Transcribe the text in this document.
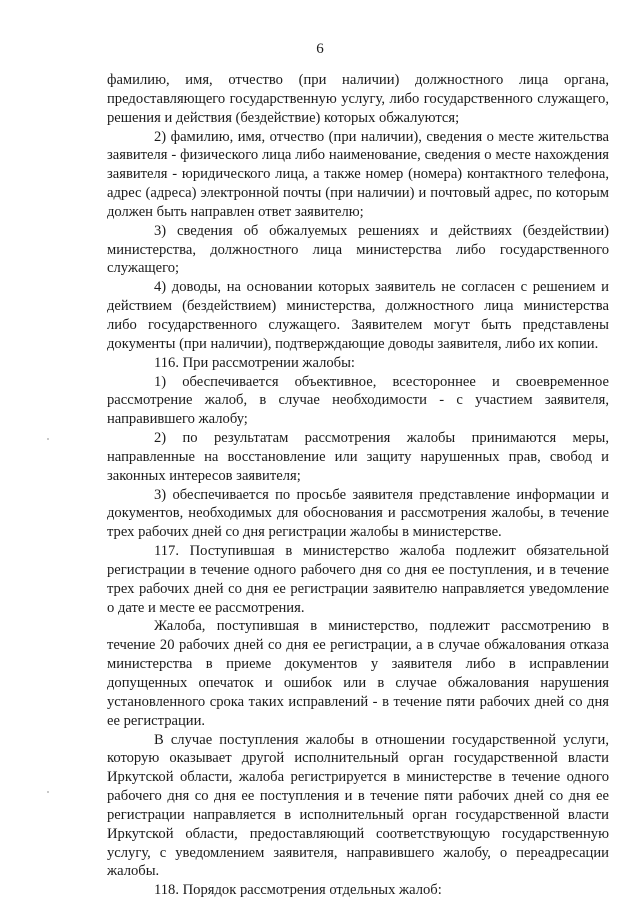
6

фамилию, имя, отчество (при наличии) должностного лица органа, предоставляющего государственную услугу, либо государственного служащего, решения и действия (бездействие) которых обжалуются;

2) фамилию, имя, отчество (при наличии), сведения о месте жительства заявителя - физического лица либо наименование, сведения о месте нахождения заявителя - юридического лица, а также номер (номера) контактного телефона, адрес (адреса) электронной почты (при наличии) и почтовый адрес, по которым должен быть направлен ответ заявителю;

3) сведения об обжалуемых решениях и действиях (бездействии) министерства, должностного лица министерства либо государственного служащего;

4) доводы, на основании которых заявитель не согласен с решением и действием (бездействием) министерства, должностного лица министерства либо государственного служащего. Заявителем могут быть представлены документы (при наличии), подтверждающие доводы заявителя, либо их копии.

116. При рассмотрении жалобы:

1) обеспечивается объективное, всестороннее и своевременное рассмотрение жалоб, в случае необходимости - с участием заявителя, направившего жалобу;

2) по результатам рассмотрения жалобы принимаются меры, направленные на восстановление или защиту нарушенных прав, свобод и законных интересов заявителя;

3) обеспечивается по просьбе заявителя представление информации и документов, необходимых для обоснования и рассмотрения жалобы, в течение трех рабочих дней со дня регистрации жалобы в министерстве.

117. Поступившая в министерство жалоба подлежит обязательной регистрации в течение одного рабочего дня со дня ее поступления, и в течение трех рабочих дней со дня ее регистрации заявителю направляется уведомление о дате и месте ее рассмотрения.

Жалоба, поступившая в министерство, подлежит рассмотрению в течение 20 рабочих дней со дня ее регистрации, а в случае обжалования отказа министерства в приеме документов у заявителя либо в исправлении допущенных опечаток и ошибок или в случае обжалования нарушения установленного срока таких исправлений - в течение пяти рабочих дней со дня ее регистрации.

В случае поступления жалобы в отношении государственной услуги, которую оказывает другой исполнительный орган государственной власти Иркутской области, жалоба регистрируется в министерстве в течение одного рабочего дня со дня ее поступления и в течение пяти рабочих дней со дня ее регистрации направляется в исполнительный орган государственной власти Иркутской области, предоставляющий соответствующую государственную услугу, с уведомлением заявителя, направившего жалобу, о переадресации жалобы.

118. Порядок рассмотрения отдельных жалоб:
